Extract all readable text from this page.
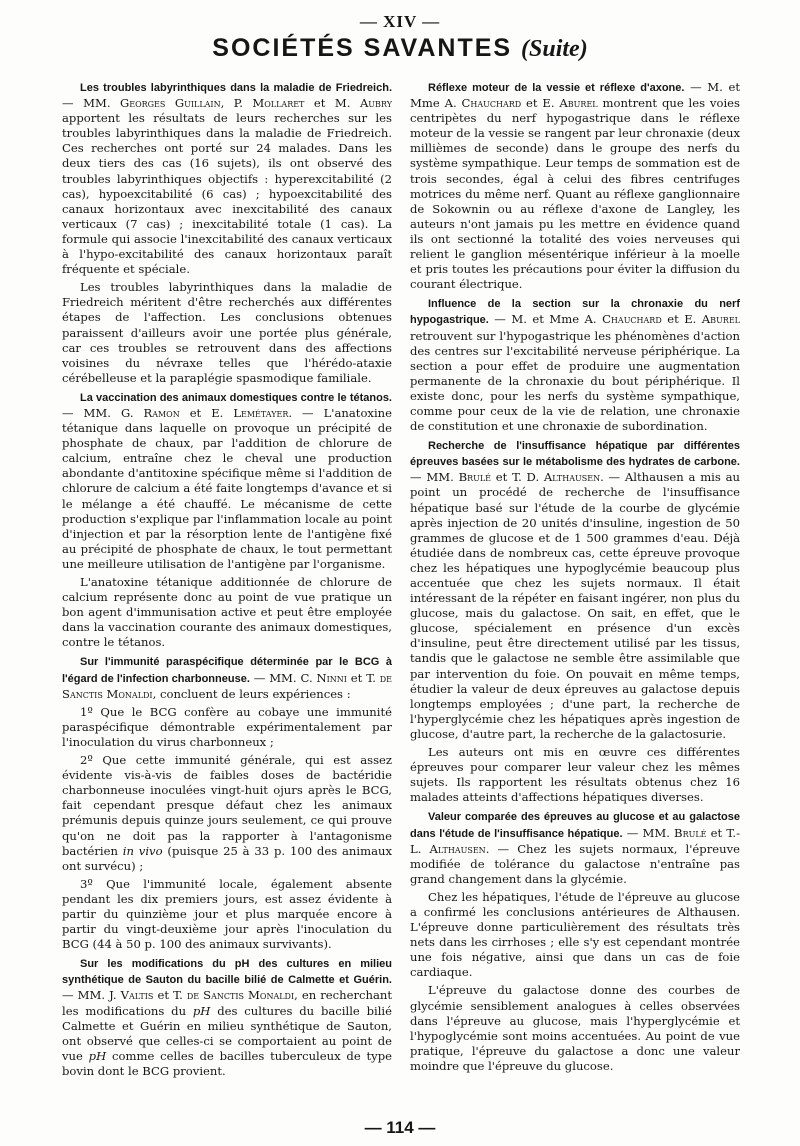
— XIV —
SOCIÉTÉS SAVANTES (Suite)

Les troubles labyrinthiques dans la maladie de Friedreich. — MM. Georges Guillain, P. Mollaret et M. Aubry apportent les résultats de leurs recherches sur les troubles labyrinthiques dans la maladie de Friedreich. Ces recherches ont porté sur 24 malades. Dans les deux tiers des cas (16 sujets), ils ont observé des troubles labyrinthiques objectifs : hyperexcitabilité (2 cas), hypoexcitabilité (6 cas) ; hypoexcitabilité des canaux horizontaux avec inexcitabilité des canaux verticaux (7 cas) ; inexcitabilité totale (1 cas). La formule qui associe l'inexcitabilité des canaux verticaux à l'hypo-excitabilité des canaux horizontaux paraît fréquente et spéciale.

Les troubles labyrinthiques dans la maladie de Friedreich méritent d'être recherchés aux différentes étapes de l'affection. Les conclusions obtenues paraissent d'ailleurs avoir une portée plus générale, car ces troubles se retrouvent dans des affections voisines du névraxe telles que l'hérédo-ataxie cérébelleuse et la paraplégie spasmodique familiale.

La vaccination des animaux domestiques contre le tétanos. — MM. G. Ramon et E. Lemétayer. — L'anatoxine tétanique dans laquelle on provoque un précipité de phosphate de chaux, par l'addition de chlorure de calcium, entraîne chez le cheval une production abondante d'antitoxine spécifique même si l'addition de chlorure de calcium a été faite longtemps d'avance et si le mélange a été chauffé. Le mécanisme de cette production s'explique par l'inflammation locale au point d'injection et par la résorption lente de l'antigène fixé au précipité de phosphate de chaux, le tout permettant une meilleure utilisation de l'antigène par l'organisme.

L'anatoxine tétanique additionnée de chlorure de calcium représente donc au point de vue pratique un bon agent d'immunisation active et peut être employée dans la vaccination courante des animaux domestiques, contre le tétanos.

Sur l'immunité paraspécifique déterminée par le BCG à l'égard de l'infection charbonneuse. — MM. C. Ninni et T. de Sanctis Monaldi, concluent de leurs expériences :

1º Que le BCG confère au cobaye une immunité paraspécifique démontrable expérimentalement par l'inoculation du virus charbonneux ;

2º Que cette immunité générale, qui est assez évidente vis-à-vis de faibles doses de bactéridie charbonneuse inoculées vingt-huit ojurs après le BCG, fait cependant presque défaut chez les animaux prémunis depuis quinze jours seulement, ce qui prouve qu'on ne doit pas la rapporter à l'antagonisme bactérien in vivo (puisque 25 à 33 p. 100 des animaux ont survécu) ;

3º Que l'immunité locale, également absente pendant les dix premiers jours, est assez évidente à partir du quinzième jour et plus marquée encore à partir du vingt-deuxième jour après l'inoculation du BCG (44 à 50 p. 100 des animaux survivants).

Sur les modifications du pH des cultures en milieu synthétique de Sauton du bacille bilié de Calmette et Guérin. — MM. J. Valtis et T. de Sanctis Monaldi, en recherchant les modifications du pH des cultures du bacille bilié Calmette et Guérin en milieu synthétique de Sauton, ont observé que celles-ci se comportaient au point de vue pH comme celles de bacilles tuberculeux de type bovin dont le BCG provient.

Réflexe moteur de la vessie et réflexe d'axone. — M. et Mme A. Chauchard et E. Aburel montrent que les voies centripètes du nerf hypogastrique dans le réflexe moteur de la vessie se rangent par leur chronaxie (deux millièmes de seconde) dans le groupe des nerfs du système sympathique. Leur temps de sommation est de trois secondes, égal à celui des fibres centrifuges motrices du même nerf. Quant au réflexe ganglionnaire de Sokownin ou au réflexe d'axone de Langley, les auteurs n'ont jamais pu les mettre en évidence quand ils ont sectionné la totalité des voies nerveuses qui relient le ganglion mésentérique inférieur à la moelle et pris toutes les précautions pour éviter la diffusion du courant électrique.

Influence de la section sur la chronaxie du nerf hypogastrique. — M. et Mme A. Chauchard et E. Aburel retrouvent sur l'hypogastrique les phénomènes d'action des centres sur l'excitabilité nerveuse périphérique. La section a pour effet de produire une augmentation permanente de la chronaxie du bout périphérique. Il existe donc, pour les nerfs du système sympathique, comme pour ceux de la vie de relation, une chronaxie de constitution et une chronaxie de subordination.

Recherche de l'insuffisance hépatique par différentes épreuves basées sur le métabolisme des hydrates de carbone. — MM. Brulé et T. D. Althausen. — Althausen a mis au point un procédé de recherche de l'insuffisance hépatique basé sur l'étude de la courbe de glycémie après injection de 20 unités d'insuline, ingestion de 50 grammes de glucose et de 1 500 grammes d'eau. Déjà étudiée dans de nombreux cas, cette épreuve provoque chez les hépatiques une hypoglycémie beaucoup plus accentuée que chez les sujets normaux. Il était intéressant de la répéter en faisant ingérer, non plus du glucose, mais du galactose. On sait, en effet, que le glucose, spécialement en présence d'un excès d'insuline, peut être directement utilisé par les tissus, tandis que le galactose ne semble être assimilable que par intervention du foie. On pouvait en même temps, étudier la valeur de deux épreuves au galactose depuis longtemps employées ; d'une part, la recherche de l'hyperglycémie chez les hépatiques après ingestion de glucose, d'autre part, la recherche de la galactosurie.

Les auteurs ont mis en œuvre ces différentes épreuves pour comparer leur valeur chez les mêmes sujets. Ils rapportent les résultats obtenus chez 16 malades atteints d'affections hépatiques diverses.

Valeur comparée des épreuves au glucose et au galactose dans l'étude de l'insuffisance hépatique. — MM. Brulé et T.-L. Althausen. — Chez les sujets normaux, l'épreuve modifiée de tolérance du galactose n'entraîne pas grand changement dans la glycémie.

Chez les hépatiques, l'étude de l'épreuve au glucose a confirmé les conclusions antérieures de Althausen. L'épreuve donne particulièrement des résultats très nets dans les cirrhoses ; elle s'y est cependant montrée une fois négative, ainsi que dans un cas de foie cardiaque.

L'épreuve du galactose donne des courbes de glycémie sensiblement analogues à celles observées dans l'épreuve au glucose, mais l'hyperglycémie et l'hypoglycémie sont moins accentuées. Au point de vue pratique, l'épreuve du galactose a donc une valeur moindre que l'épreuve du glucose.

— 114 —
